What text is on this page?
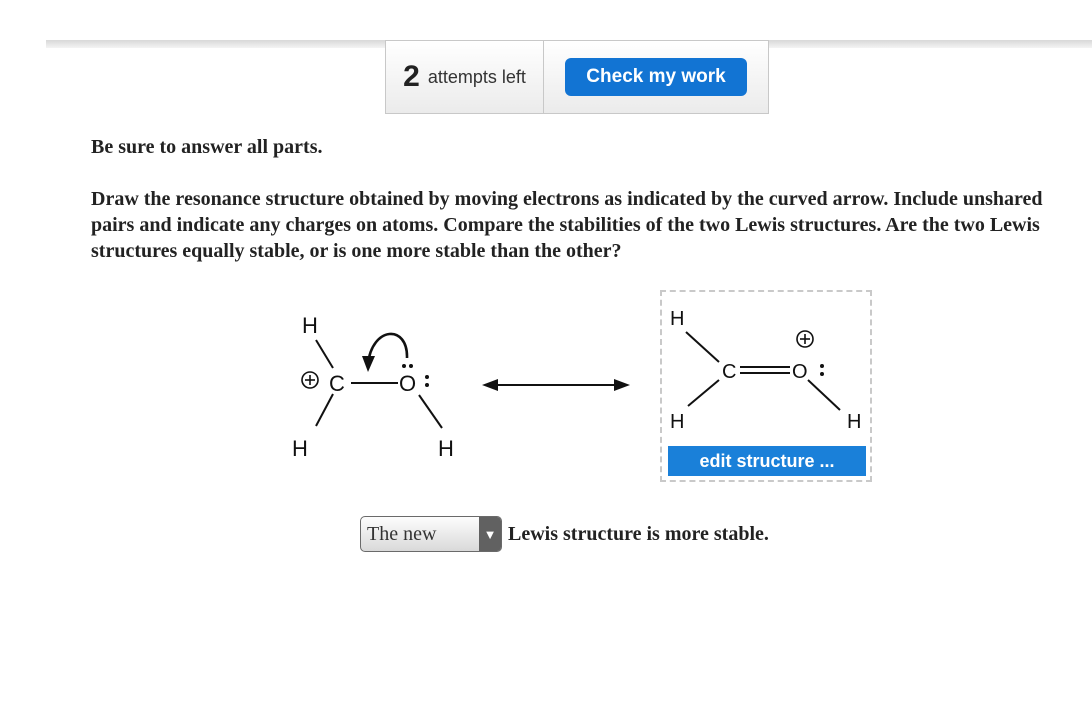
2 attempts left	Check my work

Be sure to answer all parts.

Draw the resonance structure obtained by moving electrons as indicated by the curved arrow. Include unshared pairs and indicate any charges on atoms. Compare the stabilities of the two Lewis structures. Are the two Lewis structures equally stable, or is one more stable than the other?

H
C O
H	H
H
C	O
H	H
edit structure ...
The new	▼ Lewis structure is more stable.
